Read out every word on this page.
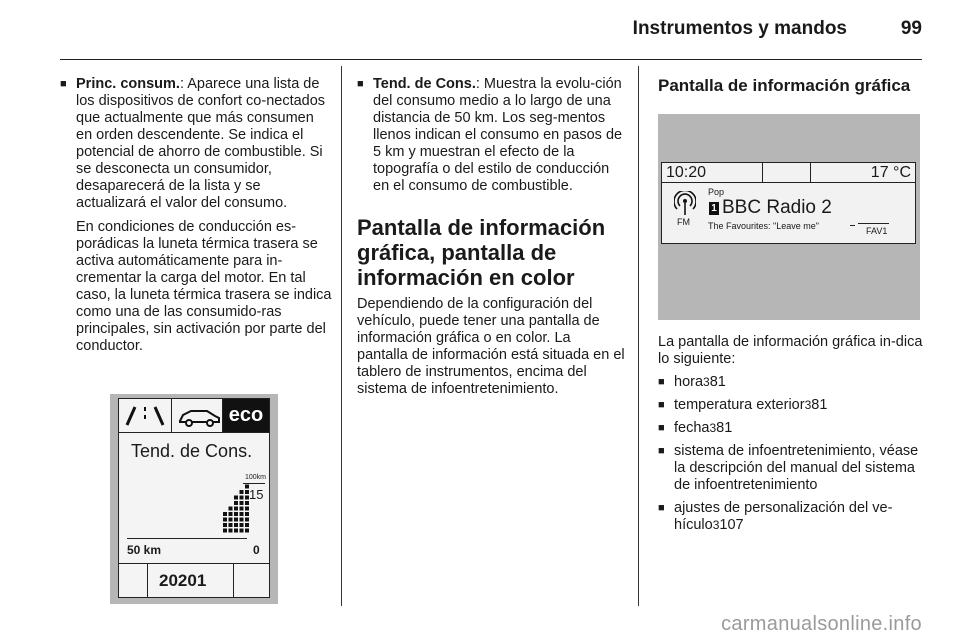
Instrumentos y mandos	99
■ Princ. consum.: Aparece una lista de los dispositivos de confort co-nectados que actualmente que más consumen en orden descendente. Se indica el potencial de ahorro de combustible. Si se desconecta un consumidor, desaparecerá de la lista y se actualizará el valor del consumo.
En condiciones de conducción es-porádicas la luneta térmica trasera se activa automáticamente para in-crementar la carga del motor. En tal caso, la luneta térmica trasera se indica como una de las consumido-ras principales, sin activación por parte del conductor.
eco
Tend. de Cons.
100km
15
50 km	0
20201
■ Tend. de Cons.: Muestra la evolu-ción del consumo medio a lo largo de una distancia de 50 km. Los seg-mentos llenos indican el consumo en pasos de 5 km y muestran el efecto de la topografía o del estilo de conducción en el consumo de combustible.
Pantalla de información gráfica, pantalla de información en color
Dependiendo de la configuración del vehículo, puede tener una pantalla de información gráfica o en color. La pantalla de información está situada en el tablero de instrumentos, encima del sistema de infoentretenimiento.
Pantalla de información gráfica
10:20	17 °C
FM
Pop
1 BBC Radio 2
The Favourites: "Leave me"	FAV1
La pantalla de información gráfica in-dica lo siguiente:
■ hora381
■ temperatura exterior381
■ fecha381
■ sistema de infoentretenimiento, véase la descripción del manual del sistema de infoentretenimiento
■ ajustes de personalización del ve-hículo3107
carmanualsonline.info
